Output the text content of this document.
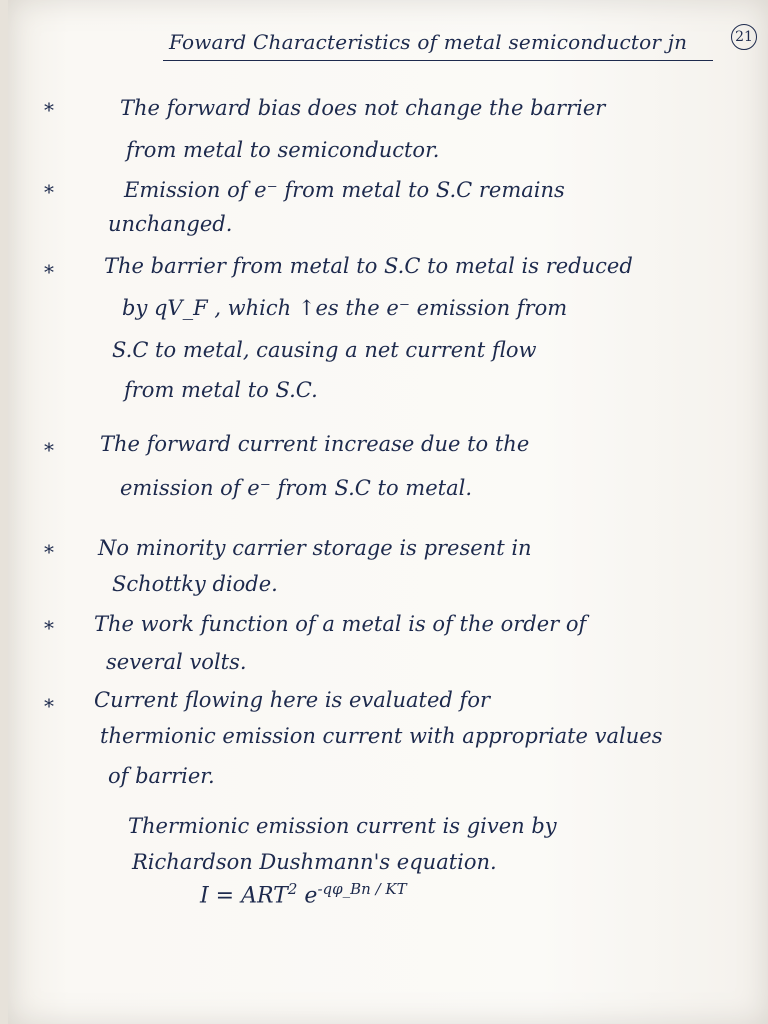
Foward Characteristics of metal semiconductor jn	21
*	The forward bias does not change the barrier
from metal to semiconductor.
*	Emission of e⁻ from metal to S.C remains
unchanged.
* The barrier from metal to S.C to metal is reduced
by qV_F , which ↑es the e⁻ emission from
S.C to metal, causing a net current flow
from metal to S.C.
* The forward current increase due to the
emission of e⁻ from S.C to metal.
* No minority carrier storage is present in
Schottky diode.
* The work function of a metal is of the order of
several volts.
* Current flowing here is evaluated for
thermionic emission current with appropriate values
of barrier.
Thermionic emission current is given by
Richardson Dushmann's equation.
$I = ART^2$ $e^{-q\varphi\_Bn / KT}$
